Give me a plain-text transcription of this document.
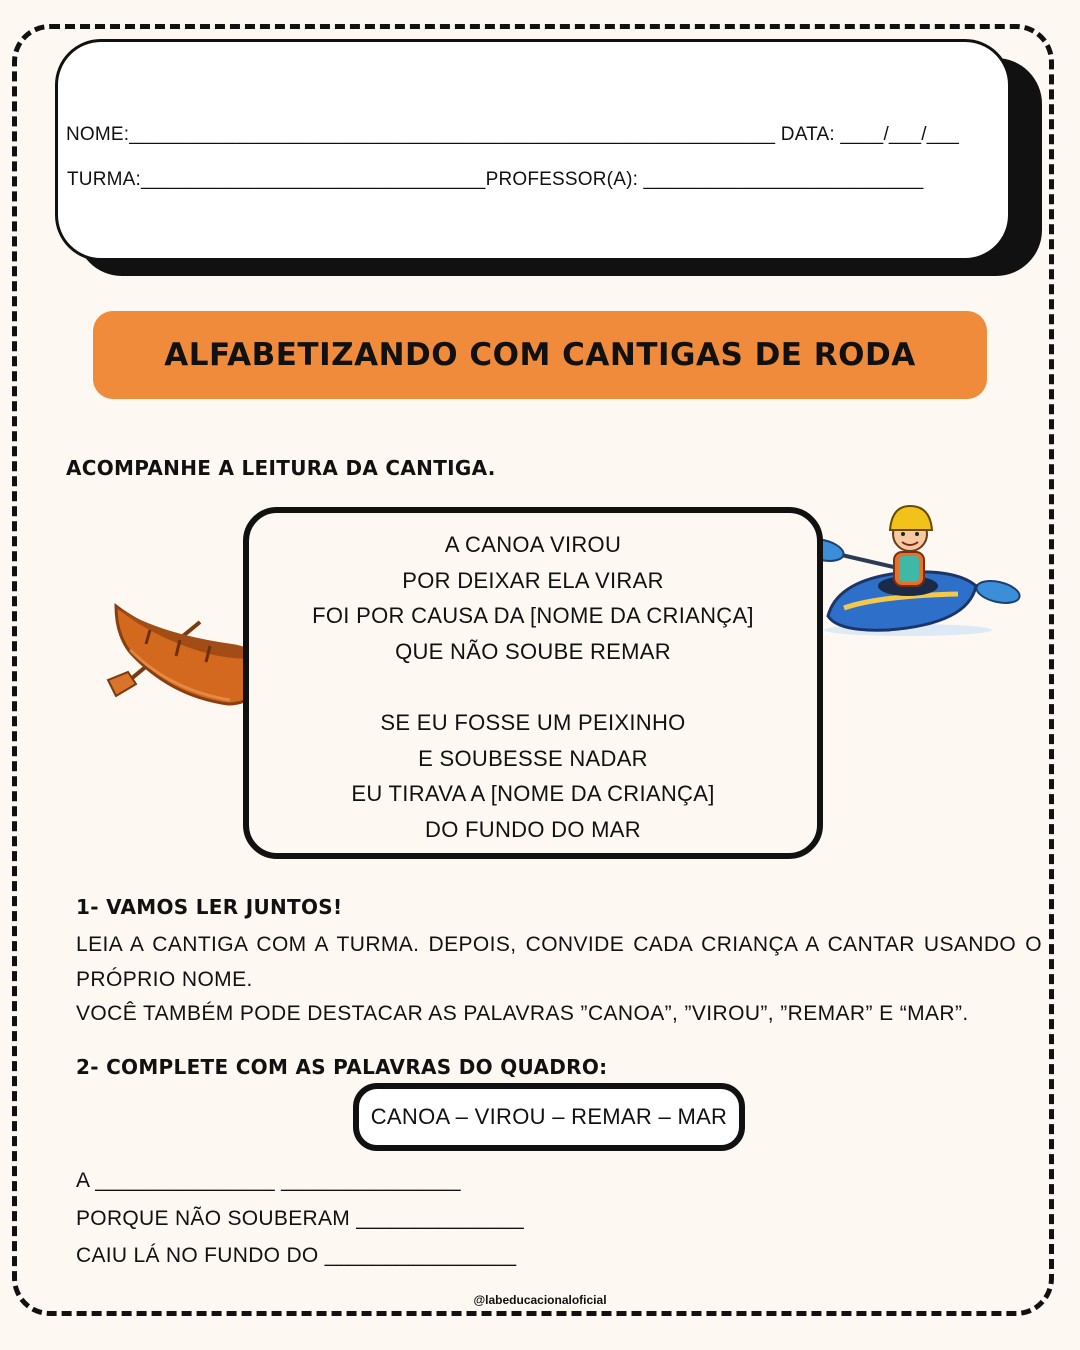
NOME:____________________________________________________________ DATA: ____/___/___
TURMA:________________________________PROFESSOR(A): __________________________
ALFABETIZANDO COM CANTIGAS DE RODA
ACOMPANHE A LEITURA DA CANTIGA.
A CANOA VIROU
POR DEIXAR ELA VIRAR
FOI POR CAUSA DA [NOME DA CRIANÇA]
QUE NÃO SOUBE REMAR
SE EU FOSSE UM PEIXINHO
E SOUBESSE NADAR
EU TIRAVA A [NOME DA CRIANÇA]
DO FUNDO DO MAR
1- VAMOS LER JUNTOS!

LEIA A CANTIGA COM A TURMA. DEPOIS, CONVIDE CADA CRIANÇA A CANTAR USANDO O PRÓPRIO NOME.

VOCÊ TAMBÉM PODE DESTACAR AS PALAVRAS ”CANOA”, ”VIROU”, ”REMAR” E “MAR”.

2- COMPLETE COM AS PALAVRAS DO QUADRO:
CANOA – VIROU – REMAR – MAR
A _______________ _______________
PORQUE NÃO SOUBERAM ______________
CAIU LÁ NO FUNDO DO ________________
@labeducacionaloficial
